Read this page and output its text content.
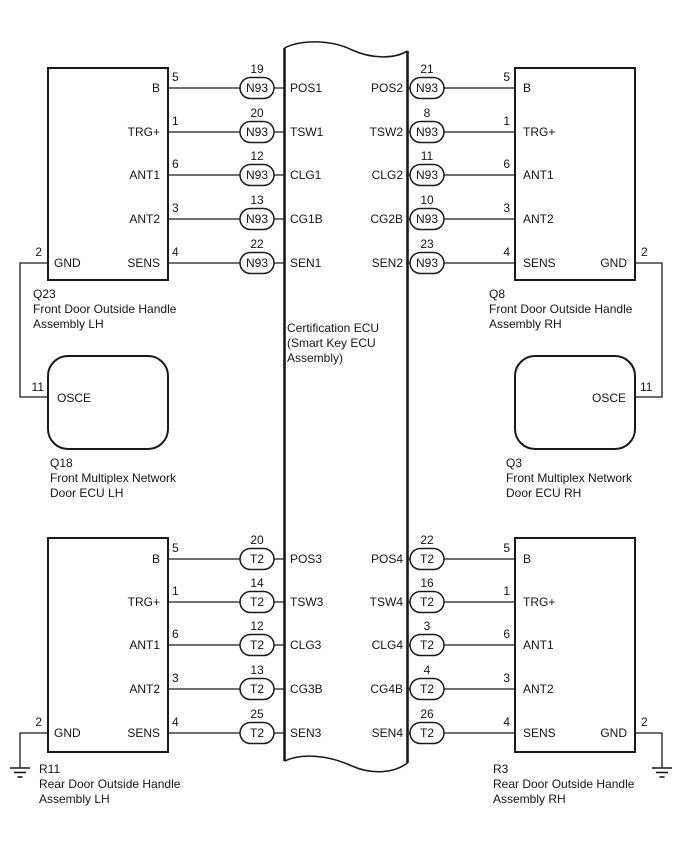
5
1
6
3
4
B
TRG+
ANT1
ANT2
SENS
19
20
12
13
22
N93
N93
N93
N93
N93
POS1
TSW1
CLG1
CG1B
SEN1
2
GND
Q23
Front Door Outside Handle
Assembly LH
5
1
6
3
4
B
TRG+
ANT1
ANT2
SENS
21
8
11
10
23
N93
N93
N93
N93
N93
POS2
TSW2
CLG2
CG2B
SEN2
2
GND
Q8
Front Door Outside Handle
Assembly RH
Certification ECU
(Smart Key ECU
Assembly)
11
OSCE
Q18
Front Multiplex Network
Door ECU LH
11
OSCE
Q3
Front Multiplex Network
Door ECU RH
5
1
6
3
4
B
TRG+
ANT1
ANT2
SENS
20
14
12
13
25
T2
T2
T2
T2
T2
POS3
TSW3
CLG3
CG3B
SEN3
2
GND
R11
Rear Door Outside Handle
Assembly LH
5
1
6
3
4
B
TRG+
ANT1
ANT2
SENS
22
16
3
4
26
T2
T2
T2
T2
T2
POS4
TSW4
CLG4
CG4B
SEN4
2
GND
R3
Rear Door Outside Handle
Assembly RH
